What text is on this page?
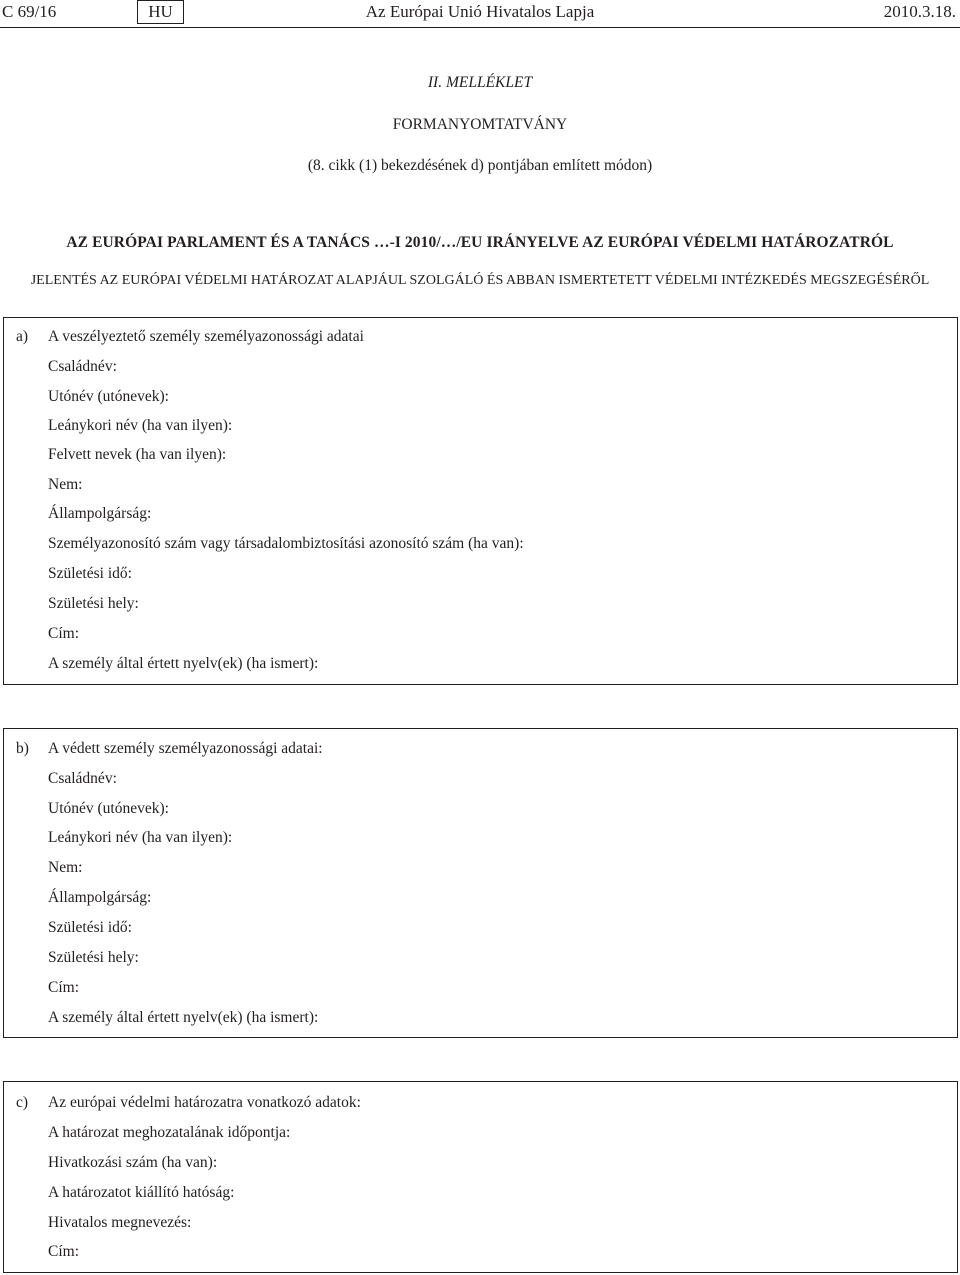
C 69/16	HU	Az Európai Unió Hivatalos Lapja	2010.3.18.
II. MELLÉKLET
FORMANYOMTATVÁNY
(8. cikk (1) bekezdésének d) pontjában említett módon)
AZ EURÓPAI PARLAMENT ÉS A TANÁCS …-I 2010/…/EU IRÁNYELVE AZ EURÓPAI VÉDELMI HATÁROZATRÓL
JELENTÉS AZ EURÓPAI VÉDELMI HATÁROZAT ALAPJÁUL SZOLGÁLÓ ÉS ABBAN ISMERTETETT VÉDELMI INTÉZKEDÉS MEGSZEGÉSÉRŐL
a) A veszélyeztető személy személyazonossági adatai
Családnév:
Utónév (utónevek):
Leánykori név (ha van ilyen):
Felvett nevek (ha van ilyen):
Nem:
Állampolgárság:
Személyazonosító szám vagy társadalombiztosítási azonosító szám (ha van):
Születési idő:
Születési hely:
Cím:
A személy által értett nyelv(ek) (ha ismert):
b) A védett személy személyazonossági adatai:
Családnév:
Utónév (utónevek):
Leánykori név (ha van ilyen):
Nem:
Állampolgárság:
Születési idő:
Születési hely:
Cím:
A személy által értett nyelv(ek) (ha ismert):
c) Az európai védelmi határozatra vonatkozó adatok:
A határozat meghozatalának időpontja:
Hivatkozási szám (ha van):
A határozatot kiállító hatóság:
Hivatalos megnevezés:
Cím:
